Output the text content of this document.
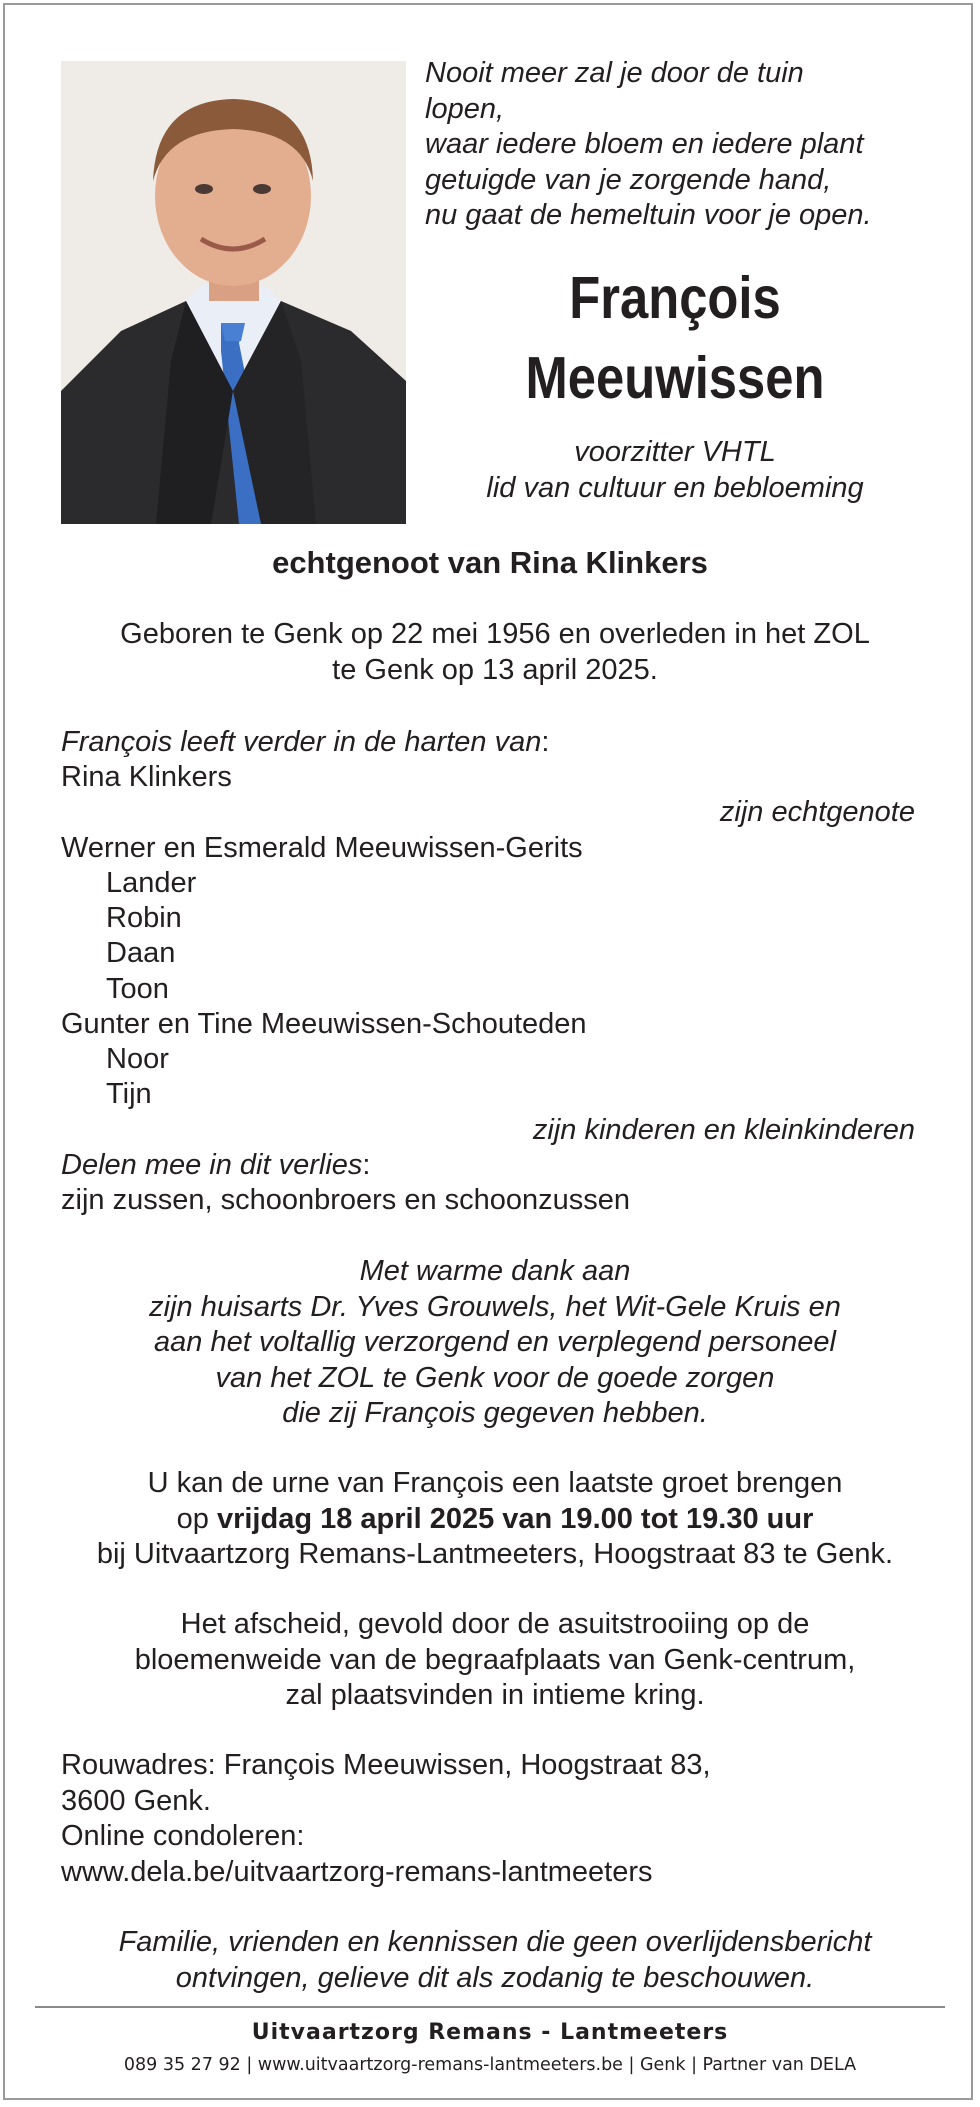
Nooit meer zal je door de tuin
lopen,
waar iedere bloem en iedere plant
getuigde van je zorgende hand,
nu gaat de hemeltuin voor je open.
François
Meeuwissen
voorzitter VHTL
lid van cultuur en bebloeming
echtgenoot van Rina Klinkers
Geboren te Genk op 22 mei 1956 en overleden in het ZOL
te Genk op 13 april 2025.
François leeft verder in de harten van:
Rina Klinkers
zijn echtgenote
Werner en Esmerald Meeuwissen-Gerits
Lander
Robin
Daan
Toon
Gunter en Tine Meeuwissen-Schouteden
Noor
Tijn
zijn kinderen en kleinkinderen
Delen mee in dit verlies:
zijn zussen, schoonbroers en schoonzussen
Met warme dank aan
zijn huisarts Dr. Yves Grouwels, het Wit-Gele Kruis en
aan het voltallig verzorgend en verplegend personeel
van het ZOL te Genk voor de goede zorgen
die zij François gegeven hebben.
U kan de urne van François een laatste groet brengen
op vrijdag 18 april 2025 van 19.00 tot 19.30 uur
bij Uitvaartzorg Remans-Lantmeeters, Hoogstraat 83 te Genk.
Het afscheid, gevold door de asuitstrooiing op de
bloemenweide van de begraafplaats van Genk-centrum,
zal plaatsvinden in intieme kring.
Rouwadres: François Meeuwissen, Hoogstraat 83,
3600 Genk.
Online condoleren:
www.dela.be/uitvaartzorg-remans-lantmeeters
Familie, vrienden en kennissen die geen overlijdensbericht
ontvingen, gelieve dit als zodanig te beschouwen.
Uitvaartzorg Remans - Lantmeeters
089 35 27 92 | www.uitvaartzorg-remans-lantmeeters.be | Genk | Partner van DELA
